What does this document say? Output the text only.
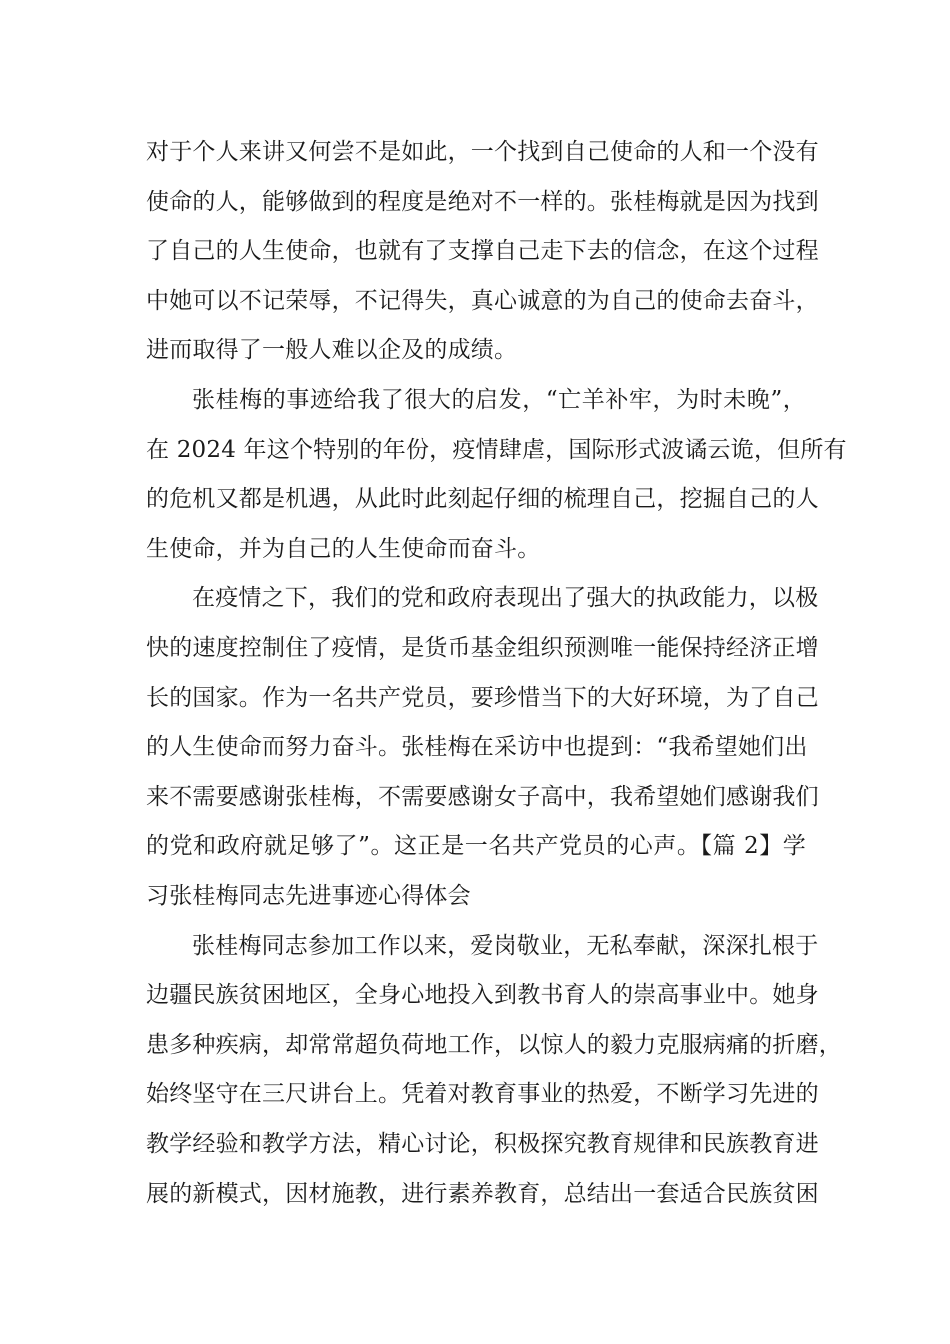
对于个人来讲又何尝不是如此，一个找到自己使命的人和一个没有
使命的人，能够做到的程度是绝对不一样的。张桂梅就是因为找到
了自己的人生使命，也就有了支撑自己走下去的信念，在这个过程
中她可以不记荣辱，不记得失，真心诚意的为自己的使命去奋斗，
进而取得了一般人难以企及的成绩。
张桂梅的事迹给我了很大的启发，“亡羊补牢，为时未晚”，
在 2024 年这个特别的年份，疫情肆虐，国际形式波谲云诡，但所有
的危机又都是机遇，从此时此刻起仔细的梳理自己，挖掘自己的人
生使命，并为自己的人生使命而奋斗。
在疫情之下，我们的党和政府表现出了强大的执政能力，以极
快的速度控制住了疫情，是货币基金组织预测唯一能保持经济正增
长的国家。作为一名共产党员，要珍惜当下的大好环境，为了自己
的人生使命而努力奋斗。张桂梅在采访中也提到：“我希望她们出
来不需要感谢张桂梅，不需要感谢女子高中，我希望她们感谢我们
的党和政府就足够了”。这正是一名共产党员的心声。【篇 2】学
习张桂梅同志先进事迹心得体会
张桂梅同志参加工作以来，爱岗敬业，无私奉献，深深扎根于
边疆民族贫困地区，全身心地投入到教书育人的崇高事业中。她身
患多种疾病，却常常超负荷地工作，以惊人的毅力克服病痛的折磨，
始终坚守在三尺讲台上。凭着对教育事业的热爱，不断学习先进的
教学经验和教学方法，精心讨论，积极探究教育规律和民族教育进
展的新模式，因材施教，进行素养教育，总结出一套适合民族贫困
